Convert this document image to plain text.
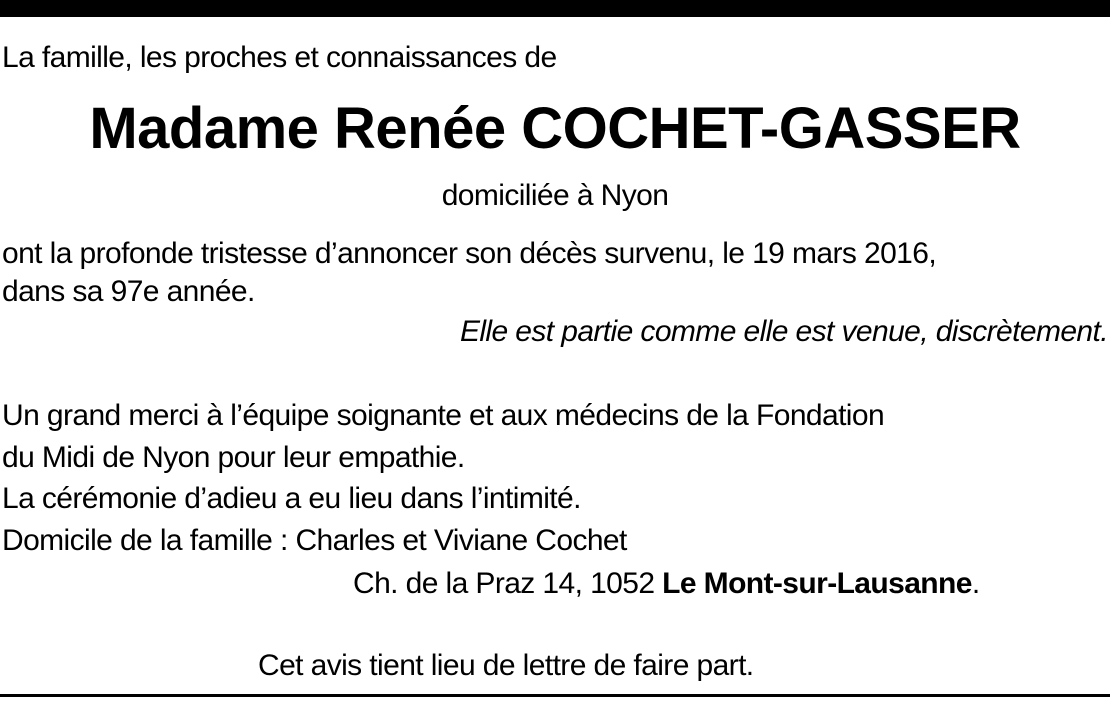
La famille, les proches et connaissances de
Madame Renée COCHET-GASSER
domiciliée à Nyon
ont la profonde tristesse d’annoncer son décès survenu, le 19 mars 2016,
dans sa 97e année.
Elle est partie comme elle est venue, discrètement.
Un grand merci à l’équipe soignante et aux médecins de la Fondation
du Midi de Nyon pour leur empathie.
La cérémonie d’adieu a eu lieu dans l’intimité.
Domicile de la famille : Charles et Viviane Cochet
Ch. de la Praz 14, 1052 Le Mont-sur-Lausanne.
Cet avis tient lieu de lettre de faire part.
